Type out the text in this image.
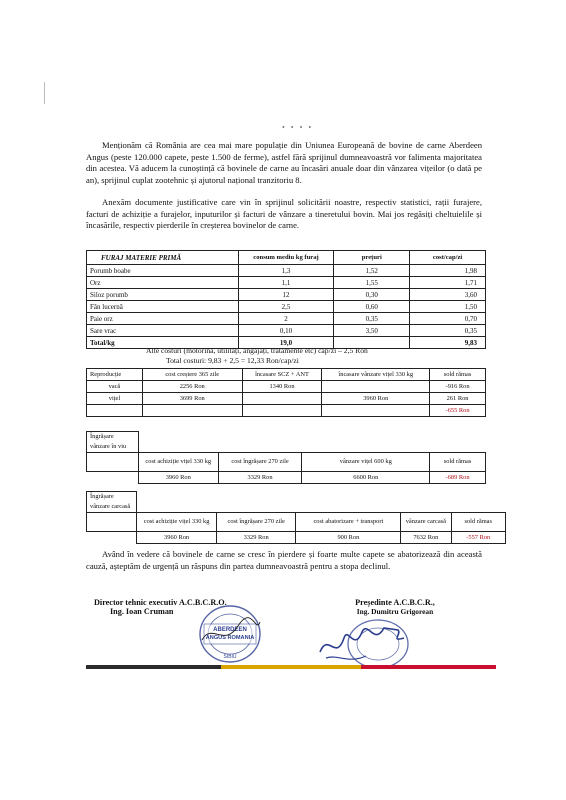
• • • •

Menționăm că România are cea mai mare populație din Uniunea Europeană de bovine de carne Aberdeen Angus (peste 120.000 capete, peste 1.500 de ferme), astfel fără sprijinul dumneavoastră vor falimenta majoritatea din acestea. Vă aducem la cunoștință că bovinele de carne au încasări anuale doar din vânzarea vițeilor (o dată pe an), sprijinul cuplat zootehnic și ajutorul național tranzitoriu 8.

Anexăm documente justificative care vin în sprijinul solicitării noastre, respectiv statistici, rații furajere, facturi de achiziție a furajelor, inputurilor și facturi de vânzare a tineretului bovin. Mai jos regăsiți cheltuielile și încasările, respectiv pierderile în creșterea bovinelor de carne.

FURAJ MATERIE PRIMĂ	consum mediu kg furaj	prețuri	cost/cap/zi
Porumb boabe	1,3	1,52	1,98
Orz	1,1	1,55	1,71
Siloz porumb	12	0,30	3,60
Fân lucernă	2,5	0,60	1,50
Paie orz	2	0,35	0,70
Sare vrac	0,10	3,50	0,35
Total/kg	19,0		9,83
Alte costuri (motorină, utilități, angajați, tratamente etc) cap/zi – 2,5 Ron
Total costuri: 9,83 + 2,5 = 12,33 Ron/cap/zi
Reproducție	cost creștere 365 zile	încasare SCZ + ANT	încasare vânzare vițel 330 kg	sold rămas
vacă	2256 Ron	1340 Ron		-916 Ron
vițel	3699 Ron		3960 Ron	261 Ron
				-655 Ron
Îngrășare vânzare în viu				
	cost achiziție vițel 330 kg	cost îngrășare 270 zile	vânzare vițel 600 kg	sold rămas
	3960 Ron	3329 Ron	6600 Ron	-689 Ron
Îngrășare vânzare carcasă					
	cost achiziție vițel 330 kg	cost îngrășare 270 zile	cost abatorizare + transport	vânzare carcasă	sold rămas
	3960 Ron	3329 Ron	900 Ron	7632 Ron	-557 Ron

Având în vedere că bovinele de carne se cresc în pierdere și foarte multe capete se abatorizează din această cauză, așteptăm de urgență un răspuns din partea dumneavoastră pentru a stopa declinul.

Director tehnic executiv A.C.B.C.R.O.
Ing. Ioan Cruman
Președinte A.C.B.C.R.,
Ing. Dumitru Grigorean
ABERDEEN
ANGUS ROMANIA
SIBIU
